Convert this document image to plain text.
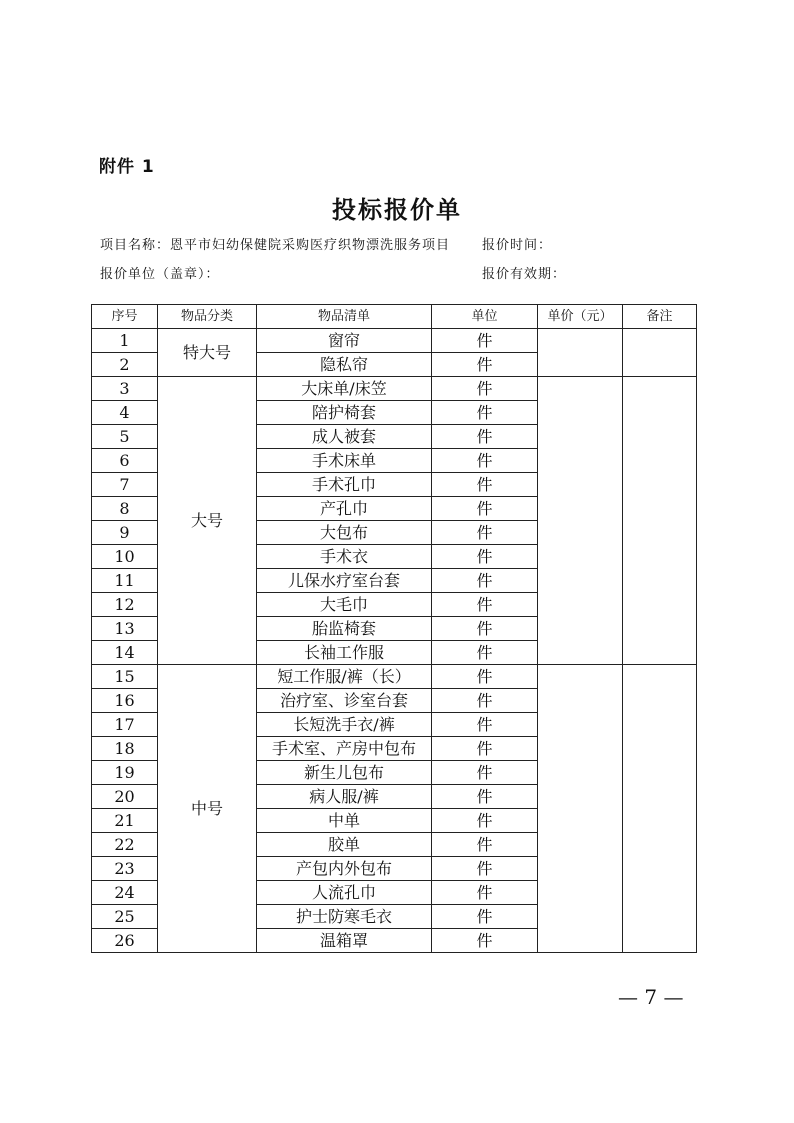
附件 1
投标报价单
项目名称：恩平市妇幼保健院采购医疗织物漂洗服务项目 报价时间：
报价单位（盖章）：	报价有效期：
序号	物品分类	物品清单	单位	单价（元）	备注
1	特大号	窗帘	件		
2		隐私帘	件		
3	大号	大床单/床笠	件		
4		陪护椅套	件		
5		成人被套	件		
6		手术床单	件		
7		手术孔巾	件		
8		产孔巾	件		
9		大包布	件		
10		手术衣	件		
11		儿保水疗室台套	件		
12		大毛巾	件		
13		胎监椅套	件		
14		长袖工作服	件		
15	中号	短工作服/裤（长）	件		
16		治疗室、诊室台套	件		
17		长短洗手衣/裤	件		
18		手术室、产房中包布	件		
19		新生儿包布	件		
20		病人服/裤	件		
21		中单	件		
22		胶单	件		
23		产包内外包布	件		
24		人流孔巾	件		
25		护士防寒毛衣	件		
26		温箱罩	件		
— 7 —
